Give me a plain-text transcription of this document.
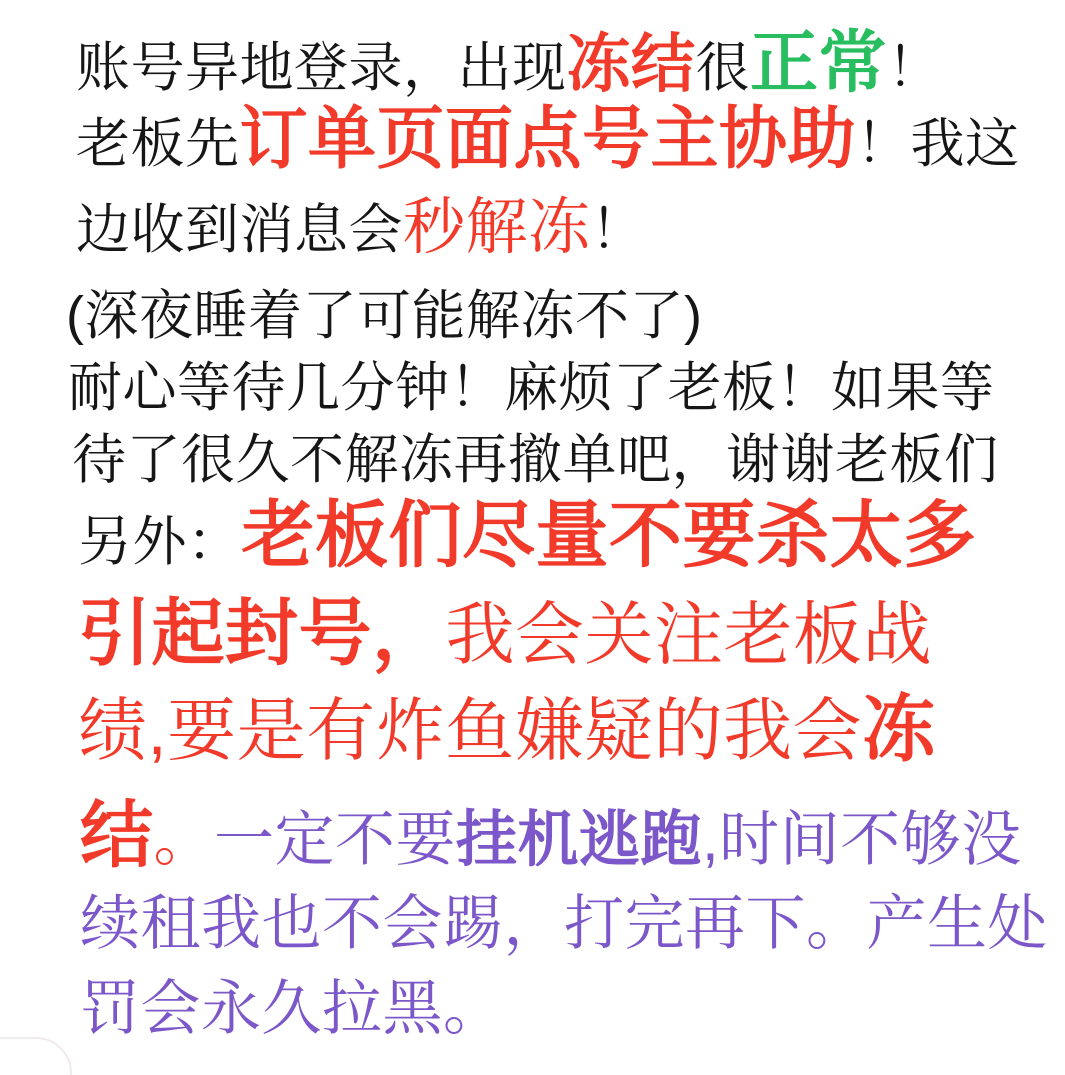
账号异地登录，出现冻结很正常！
老板先订单页面点号主协助！我这
边收到消息会秒解冻！
(深夜睡着了可能解冻不了)
耐心等待几分钟！麻烦了老板！如果等
待了很久不解冻再撤单吧，谢谢老板们
另外：老板们尽量不要杀太多
引起封号，我会关注老板战
绩,要是有炸鱼嫌疑的我会冻
结。一定不要挂机逃跑,时间不够没
续租我也不会踢，打完再下。产生处
罚会永久拉黑。
